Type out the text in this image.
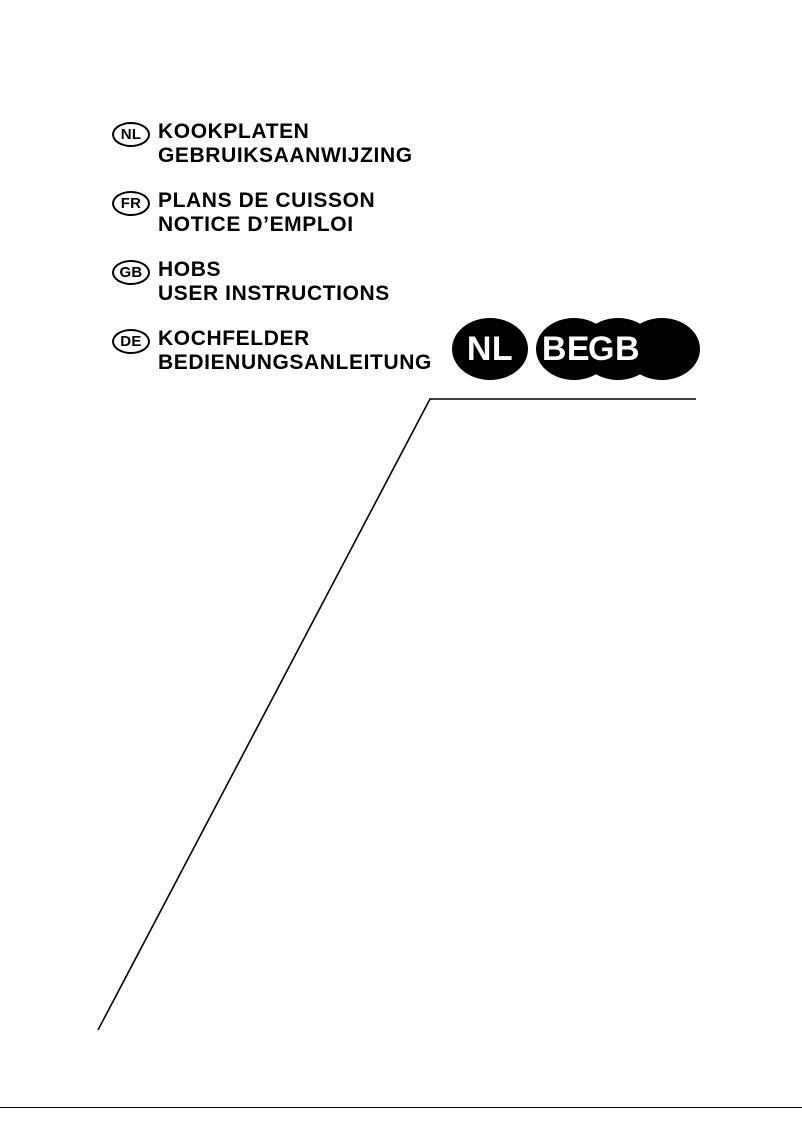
NL KOOKPLATEN
GEBRUIKSAANWIJZING
FR PLANS DE CUISSON
NOTICE D’EMPLOI
GB HOBS
USER INSTRUCTIONS
DE KOCHFELDER
BEDIENUNGSANLEITUNG	NL BE
GB
